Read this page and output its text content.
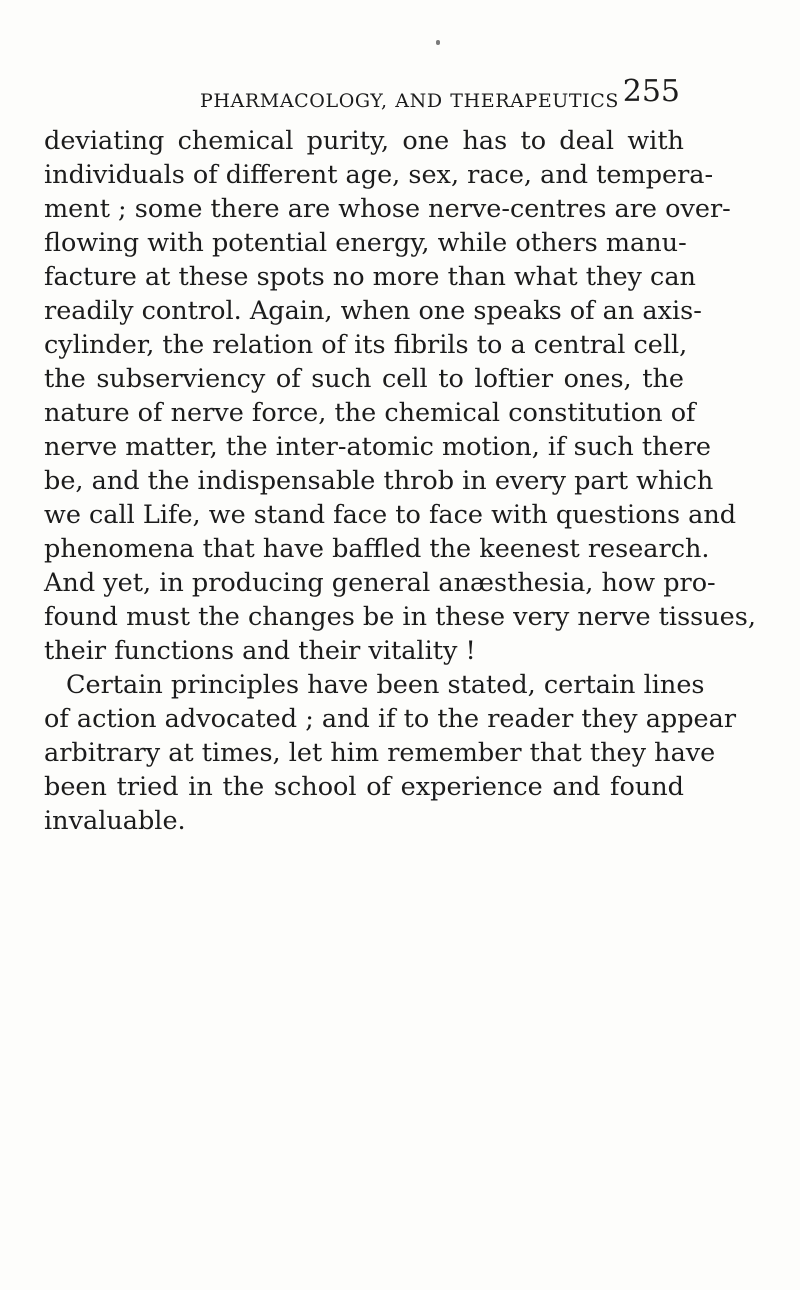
PHARMACOLOGY, AND THERAPEUTICS 255
deviating chemical purity, one has to deal with
individuals of different age, sex, race, and tempera-
ment ; some there are whose nerve-centres are over-
flowing with potential energy, while others manu-
facture at these spots no more than what they can
readily control. Again, when one speaks of an axis-
cylinder, the relation of its fibrils to a central cell,
the subserviency of such cell to loftier ones, the
nature of nerve force, the chemical constitution of
nerve matter, the inter-atomic motion, if such there
be, and the indispensable throb in every part which
we call Life, we stand face to face with questions and
phenomena that have baffled the keenest research.
And yet, in producing general anæsthesia, how pro-
found must the changes be in these very nerve tissues,
their functions and their vitality !
Certain principles have been stated, certain lines
of action advocated ; and if to the reader they appear
arbitrary at times, let him remember that they have
been tried in the school of experience and found
invaluable.
